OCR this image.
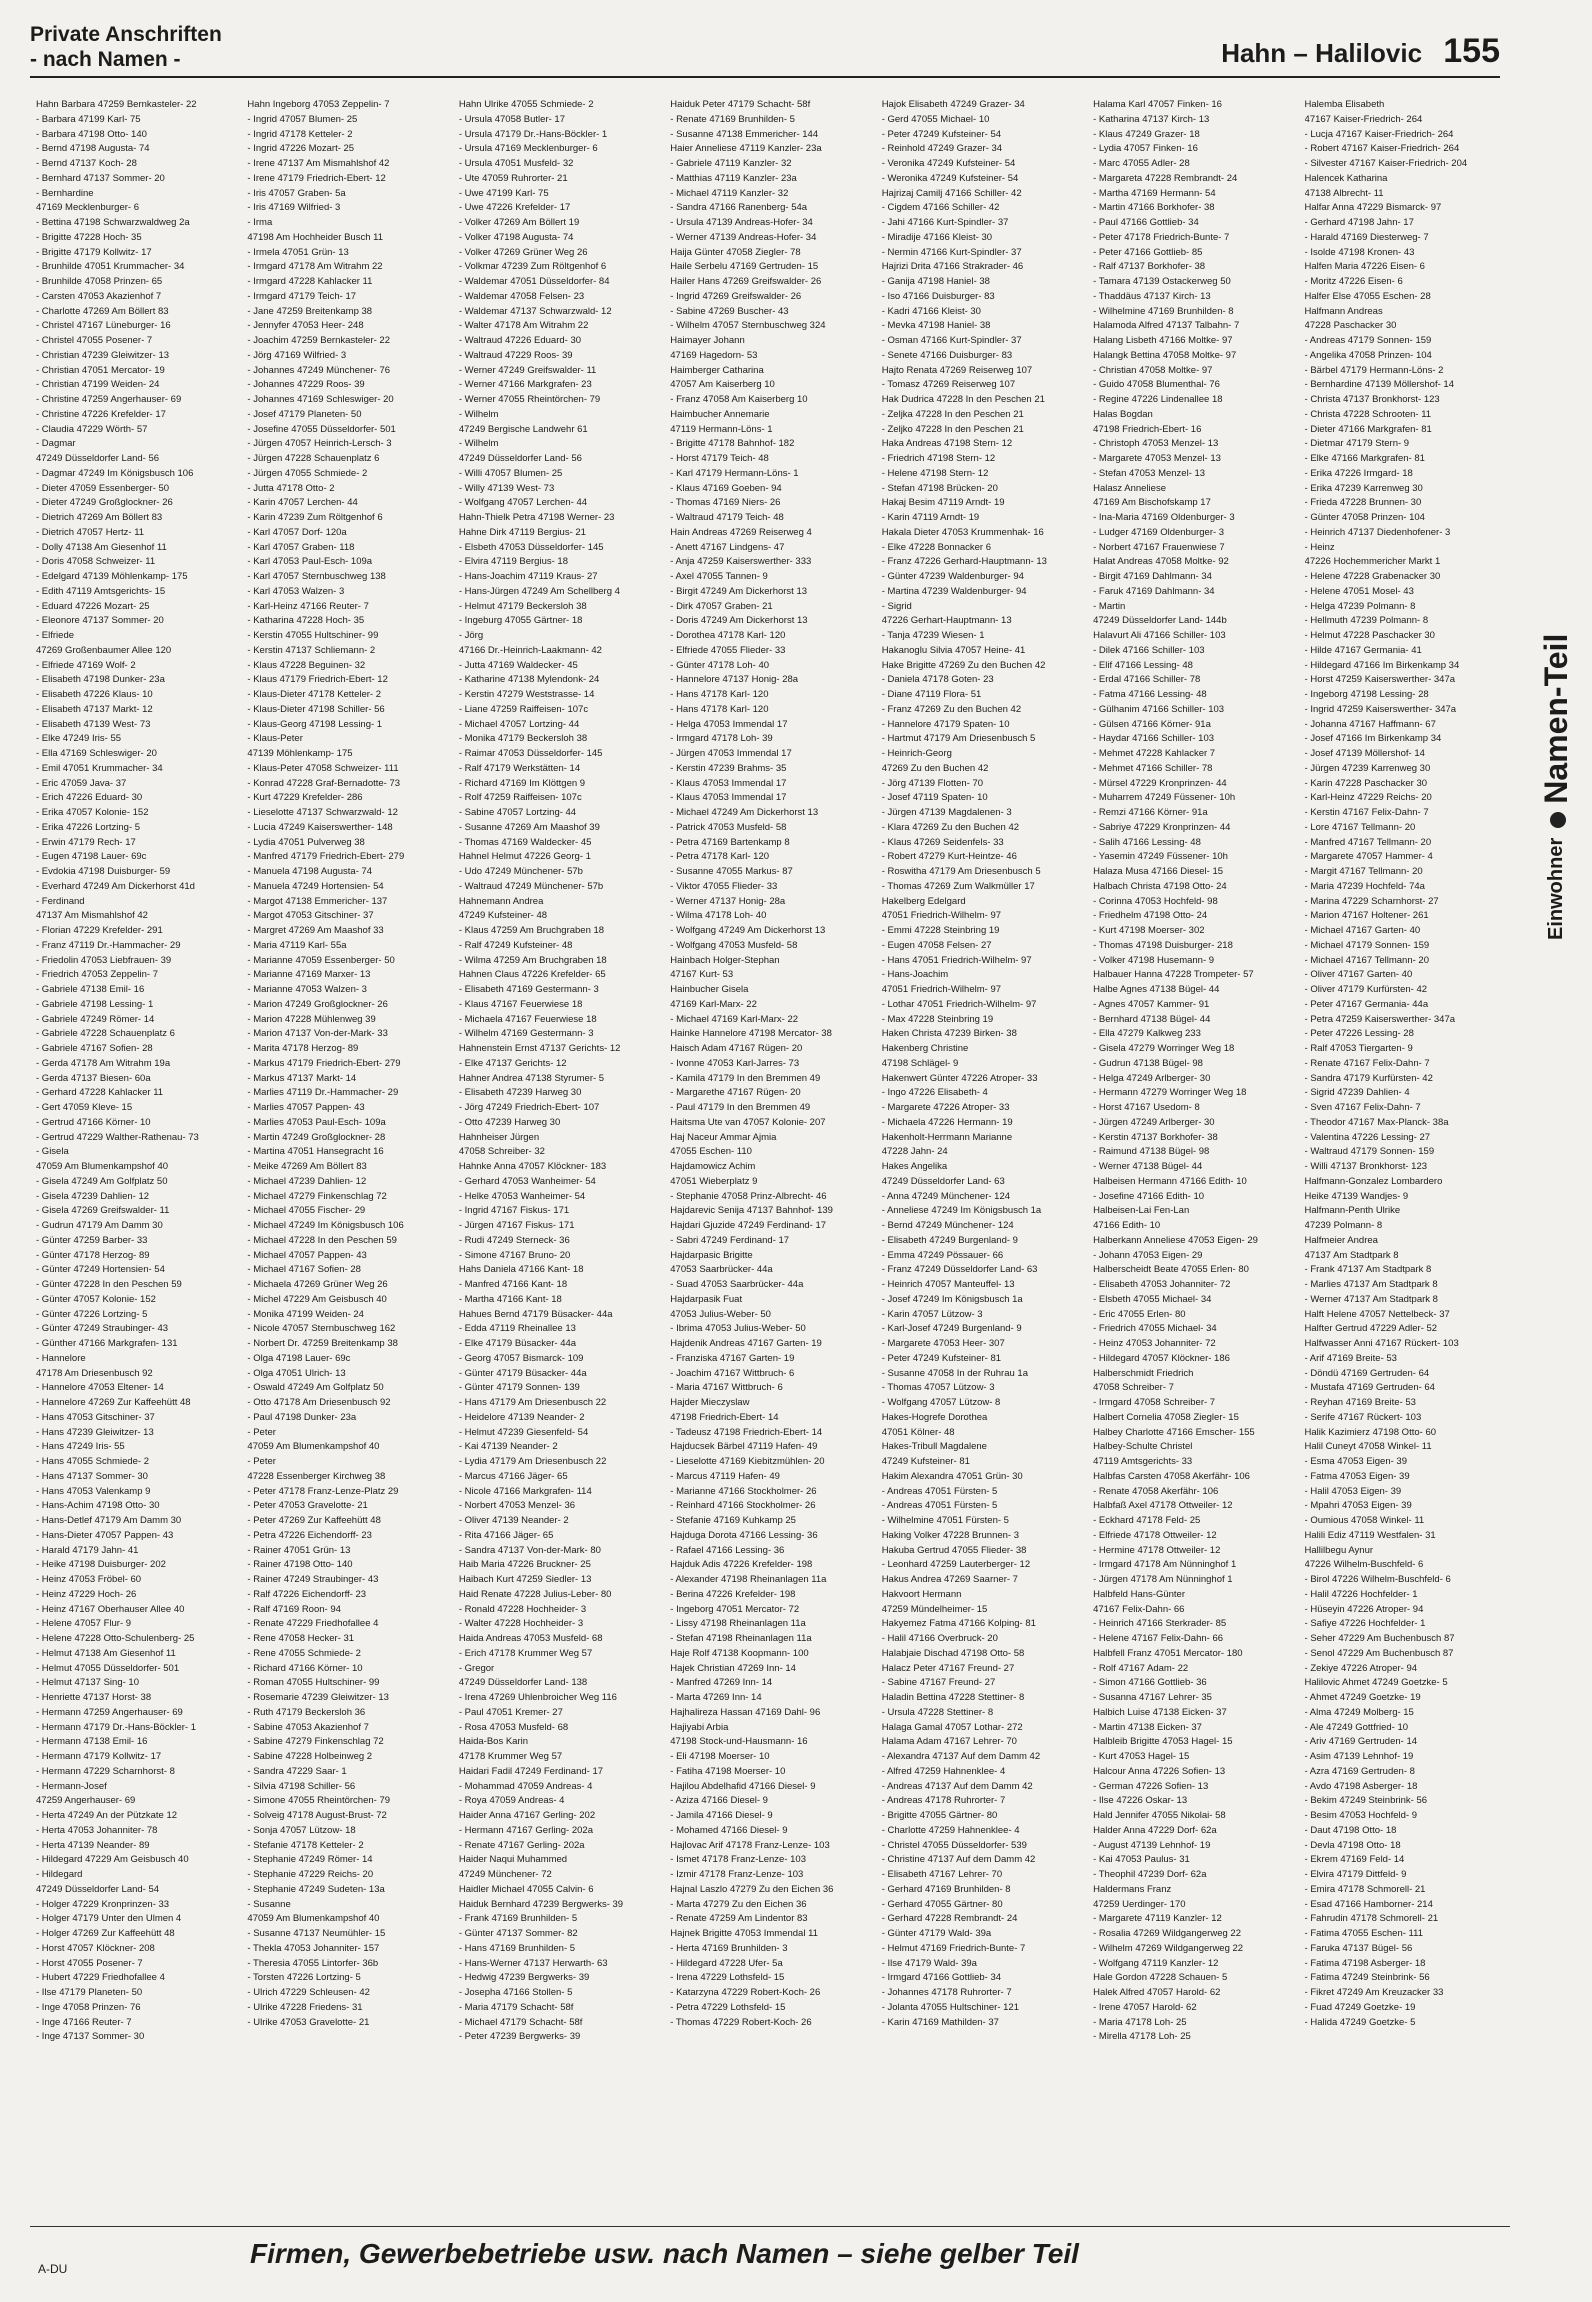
Private Anschriften
- nach Namen -	Hahn – Halilovic 155
Hahn Barbara 47259 Bernkasteler- 22
- Barbara 47199 Karl- 75
- Barbara 47198 Otto- 140
- Bernd 47198 Augusta- 74
- Bernd 47137 Koch- 28
- Bernhard 47137 Sommer- 20
- Bernhardine
47169 Mecklenburger- 6
- Bettina 47198 Schwarzwaldweg 2a
- Brigitte 47228 Hoch- 35
- Brigitte 47179 Kollwitz- 17
- Brunhilde 47051 Krummacher- 34
- Brunhilde 47058 Prinzen- 65
- Carsten 47053 Akazienhof 7
- Charlotte 47269 Am Böllert 83
- Christel 47167 Lüneburger- 16
- Christel 47055 Posener- 7
- Christian 47239 Gleiwitzer- 13
- Christian 47051 Mercator- 19
- Christian 47199 Weiden- 24
- Christine 47259 Angerhauser- 69
- Christine 47226 Krefelder- 17
- Claudia 47229 Wörth- 57
- Dagmar
47249 Düsseldorfer Land- 56
- Dagmar 47249 Im Königsbusch 106
- Dieter 47059 Essenberger- 50
- Dieter 47249 Großglockner- 26
- Dietrich 47269 Am Böllert 83
- Dietrich 47057 Hertz- 11
- Dolly 47138 Am Giesenhof 11
- Doris 47058 Schweizer- 11
- Edelgard 47139 Möhlenkamp- 175
- Edith 47119 Amtsgerichts- 15
- Eduard 47226 Mozart- 25
- Eleonore 47137 Sommer- 20
- Elfriede
47269 Großenbaumer Allee 120
- Elfriede 47169 Wolf- 2
- Elisabeth 47198 Dunker- 23a
- Elisabeth 47226 Klaus- 10
- Elisabeth 47137 Markt- 12
- Elisabeth 47139 West- 73
- Elke 47249 Iris- 55
- Ella 47169 Schleswiger- 20
- Emil 47051 Krummacher- 34
- Eric 47059 Java- 37
- Erich 47226 Eduard- 30
- Erika 47057 Kolonie- 152
- Erika 47226 Lortzing- 5
- Erwin 47179 Rech- 17
- Eugen 47198 Lauer- 69c
- Evdokia 47198 Duisburger- 59
- Everhard 47249 Am Dickerhorst 41d
- Ferdinand
47137 Am Mismahlshof 42
- Florian 47229 Krefelder- 291
- Franz 47119 Dr.-Hammacher- 29
- Friedolin 47053 Liebfrauen- 39
- Friedrich 47053 Zeppelin- 7
- Gabriele 47138 Emil- 16
- Gabriele 47198 Lessing- 1
- Gabriele 47249 Römer- 14
- Gabriele 47228 Schauenplatz 6
- Gabriele 47167 Sofien- 28
- Gerda 47178 Am Witrahm 19a
- Gerda 47137 Biesen- 60a
- Gerhard 47228 Kahlacker 11
- Gert 47059 Kleve- 15
- Gertrud 47166 Körner- 10
- Gertrud 47229 Walther-Rathenau- 73
- Gisela
47059 Am Blumenkampshof 40
- Gisela 47249 Am Golfplatz 50
- Gisela 47239 Dahlien- 12
- Gisela 47269 Greifswalder- 11
- Gudrun 47179 Am Damm 30
- Günter 47259 Barber- 33
- Günter 47178 Herzog- 89
- Günter 47249 Hortensien- 54
- Günter 47228 In den Peschen 59
- Günter 47057 Kolonie- 152
- Günter 47226 Lortzing- 5
- Günter 47249 Straubinger- 43
- Günther 47166 Markgrafen- 131
- Hannelore
47178 Am Driesenbusch 92
- Hannelore 47053 Eltener- 14
- Hannelore 47269 Zur Kaffeehütt 48
- Hans 47053 Gitschiner- 37
- Hans 47239 Gleiwitzer- 13
- Hans 47249 Iris- 55
- Hans 47055 Schmiede- 2
- Hans 47137 Sommer- 30
- Hans 47053 Valenkamp 9
- Hans-Achim 47198 Otto- 30
- Hans-Detlef 47179 Am Damm 30
- Hans-Dieter 47057 Pappen- 43
- Harald 47179 Jahn- 41
- Heike 47198 Duisburger- 202
- Heinz 47053 Fröbel- 60
- Heinz 47229 Hoch- 26
- Heinz 47167 Oberhauser Allee 40
- Helene 47057 Flur- 9
- Helene 47228 Otto-Schulenberg- 25
- Helmut 47138 Am Giesenhof 11
- Helmut 47055 Düsseldorfer- 501
- Helmut 47137 Sing- 10
- Henriette 47137 Horst- 38
- Hermann 47259 Angerhauser- 69
- Hermann 47179 Dr.-Hans-Böckler- 1
- Hermann 47138 Emil- 16
- Hermann 47179 Kollwitz- 17
- Hermann 47229 Scharnhorst- 8
- Hermann-Josef
47259 Angerhauser- 69
- Herta 47249 An der Pützkate 12
- Herta 47053 Johanniter- 78
- Herta 47139 Neander- 89
- Hildegard 47229 Am Geisbusch 40
- Hildegard
47249 Düsseldorfer Land- 54
- Holger 47229 Kronprinzen- 33
- Holger 47179 Unter den Ulmen 4
- Holger 47269 Zur Kaffeehütt 48
- Horst 47057 Klöckner- 208
- Horst 47055 Posener- 7
- Hubert 47229 Friedhofallee 4
- Ilse 47179 Planeten- 50
- Inge 47058 Prinzen- 76
- Inge 47166 Reuter- 7
- Inge 47137 Sommer- 30
Hahn Ingeborg 47053 Zeppelin- 7
- Ingrid 47057 Blumen- 25
- Ingrid 47178 Ketteler- 2
- Ingrid 47226 Mozart- 25
- Irene 47137 Am Mismahlshof 42
- Irene 47179 Friedrich-Ebert- 12
- Iris 47057 Graben- 5a
- Iris 47169 Wilfried- 3
- Irma
47198 Am Hochheider Busch 11
- Irmela 47051 Grün- 13
- Irmgard 47178 Am Witrahm 22
- Irmgard 47228 Kahlacker 11
- Irmgard 47179 Teich- 17
- Jane 47259 Breitenkamp 38
- Jennyfer 47053 Heer- 248
- Joachim 47259 Bernkasteler- 22
- Jörg 47169 Wilfried- 3
- Johannes 47249 Münchener- 76
- Johannes 47229 Roos- 39
- Johannes 47169 Schleswiger- 20
- Josef 47179 Planeten- 50
- Josefine 47055 Düsseldorfer- 501
- Jürgen 47057 Heinrich-Lersch- 3
- Jürgen 47228 Schauenplatz 6
- Jürgen 47055 Schmiede- 2
- Jutta 47178 Otto- 2
- Karin 47057 Lerchen- 44
- Karin 47239 Zum Röltgenhof 6
- Karl 47057 Dorf- 120a
- Karl 47057 Graben- 118
- Karl 47053 Paul-Esch- 109a
- Karl 47057 Sternbuschweg 138
- Karl 47053 Walzen- 3
- Karl-Heinz 47166 Reuter- 7
- Katharina 47228 Hoch- 35
- Kerstin 47055 Hultschiner- 99
- Kerstin 47137 Schliemann- 2
- Klaus 47228 Beguinen- 32
- Klaus 47179 Friedrich-Ebert- 12
- Klaus-Dieter 47178 Ketteler- 2
- Klaus-Dieter 47198 Schiller- 56
- Klaus-Georg 47198 Lessing- 1
- Klaus-Peter
47139 Möhlenkamp- 175
- Klaus-Peter 47058 Schweizer- 111
- Konrad 47228 Graf-Bernadotte- 73
- Kurt 47229 Krefelder- 286
- Lieselotte 47137 Schwarzwald- 12
- Lucia 47249 Kaiserswerther- 148
- Lydia 47051 Pulverweg 38
- Manfred 47179 Friedrich-Ebert- 279
- Manuela 47198 Augusta- 74
- Manuela 47249 Hortensien- 54
- Margot 47138 Emmericher- 137
- Margot 47053 Gitschiner- 37
- Margret 47269 Am Maashof 33
- Maria 47119 Karl- 55a
- Marianne 47059 Essenberger- 50
- Marianne 47169 Marxer- 13
- Marianne 47053 Walzen- 3
- Marion 47249 Großglockner- 26
- Marion 47228 Mühlenweg 39
- Marion 47137 Von-der-Mark- 33
- Marita 47178 Herzog- 89
- Markus 47179 Friedrich-Ebert- 279
- Markus 47137 Markt- 14
- Marlies 47119 Dr.-Hammacher- 29
- Marlies 47057 Pappen- 43
- Marlies 47053 Paul-Esch- 109a
- Martin 47249 Großglockner- 28
- Martina 47051 Hansegracht 16
- Meike 47269 Am Böllert 83
- Michael 47239 Dahlien- 12
- Michael 47279 Finkenschlag 72
- Michael 47055 Fischer- 29
- Michael 47249 Im Königsbusch 106
- Michael 47228 In den Peschen 59
- Michael 47057 Pappen- 43
- Michael 47167 Sofien- 28
- Michaela 47269 Grüner Weg 26
- Michel 47229 Am Geisbusch 40
- Monika 47199 Weiden- 24
- Nicole 47057 Sternbuschweg 162
- Norbert Dr. 47259 Breitenkamp 38
- Olga 47198 Lauer- 69c
- Olga 47051 Ulrich- 13
- Oswald 47249 Am Golfplatz 50
- Otto 47178 Am Driesenbusch 92
- Paul 47198 Dunker- 23a
- Peter
47059 Am Blumenkampshof 40
- Peter
47228 Essenberger Kirchweg 38
- Peter 47178 Franz-Lenze-Platz 29
- Peter 47053 Gravelotte- 21
- Peter 47269 Zur Kaffeehütt 48
- Petra 47226 Eichendorff- 23
- Rainer 47051 Grün- 13
- Rainer 47198 Otto- 140
- Rainer 47249 Straubinger- 43
- Ralf 47226 Eichendorff- 23
- Ralf 47169 Roon- 94
- Renate 47229 Friedhofallee 4
- Rene 47058 Hecker- 31
- Rene 47055 Schmiede- 2
- Richard 47166 Körner- 10
- Roman 47055 Hultschiner- 99
- Rosemarie 47239 Gleiwitzer- 13
- Ruth 47179 Beckersloh 36
- Sabine 47053 Akazienhof 7
- Sabine 47279 Finkenschlag 72
- Sabine 47228 Holbeinweg 2
- Sandra 47229 Saar- 1
- Silvia 47198 Schiller- 56
- Simone 47055 Rheintörchen- 79
- Solveig 47178 August-Brust- 72
- Sonja 47057 Lützow- 18
- Stefanie 47178 Ketteler- 2
- Stephanie 47249 Römer- 14
- Stephanie 47229 Reichs- 20
- Stephanie 47249 Sudeten- 13a
- Susanne
47059 Am Blumenkampshof 40
- Susanne 47137 Neumühler- 15
- Thekla 47053 Johanniter- 157
- Theresia 47055 Lintorfer- 36b
- Torsten 47226 Lortzing- 5
- Ulrich 47229 Schleusen- 42
- Ulrike 47228 Friedens- 31
- Ulrike 47053 Gravelotte- 21
Hahn Ulrike 47055 Schmiede- 2
- Ursula 47058 Butler- 17
- Ursula 47179 Dr.-Hans-Böckler- 1
- Ursula 47169 Mecklenburger- 6
- Ursula 47051 Musfeld- 32
- Ute 47059 Ruhrorter- 21
- Uwe 47199 Karl- 75
- Uwe 47226 Krefelder- 17
- Volker 47269 Am Böllert 19
- Volker 47198 Augusta- 74
- Volker 47269 Grüner Weg 26
- Volkmar 47239 Zum Röltgenhof 6
- Waldemar 47051 Düsseldorfer- 84
- Waldemar 47058 Felsen- 23
- Waldemar 47137 Schwarzwald- 12
- Walter 47178 Am Witrahm 22
- Waltraud 47226 Eduard- 30
- Waltraud 47229 Roos- 39
- Werner 47249 Greifswalder- 11
- Werner 47166 Markgrafen- 23
- Werner 47055 Rheintörchen- 79
- Wilhelm
47249 Bergische Landwehr 61
- Wilhelm
47249 Düsseldorfer Land- 56
- Willi 47057 Blumen- 25
- Willy 47139 West- 73
- Wolfgang 47057 Lerchen- 44
Hahn-Thielk Petra 47198 Werner- 23
Hahne Dirk 47119 Bergius- 21
- Elsbeth 47053 Düsseldorfer- 145
- Elvira 47119 Bergius- 18
- Hans-Joachim 47119 Kraus- 27
- Hans-Jürgen 47249 Am Schellberg 4
- Helmut 47179 Beckersloh 38
- Ingeburg 47055 Gärtner- 18
- Jörg
47166 Dr.-Heinrich-Laakmann- 42
- Jutta 47169 Waldecker- 45
- Katharine 47138 Mylendonk- 24
- Kerstin 47279 Weststrasse- 14
- Liane 47259 Raiffeisen- 107c
- Michael 47057 Lortzing- 44
- Monika 47179 Beckersloh 38
- Raimar 47053 Düsseldorfer- 145
- Ralf 47179 Werkstätten- 14
- Richard 47169 Im Klöttgen 9
- Rolf 47259 Raiffeisen- 107c
- Sabine 47057 Lortzing- 44
- Susanne 47269 Am Maashof 39
- Thomas 47169 Waldecker- 45
Hahnel Helmut 47226 Georg- 1
- Udo 47249 Münchener- 57b
- Waltraud 47249 Münchener- 57b
Hahnemann Andrea
47249 Kufsteiner- 48
- Klaus 47259 Am Bruchgraben 18
- Ralf 47249 Kufsteiner- 48
- Wilma 47259 Am Bruchgraben 18
Hahnen Claus 47226 Krefelder- 65
- Elisabeth 47169 Gestermann- 3
- Klaus 47167 Feuerwiese 18
- Michaela 47167 Feuerwiese 18
- Wilhelm 47169 Gestermann- 3
Hahnenstein Ernst 47137 Gerichts- 12
- Elke 47137 Gerichts- 12
Hahner Andrea 47138 Styrumer- 5
- Elisabeth 47239 Harweg 30
- Jörg 47249 Friedrich-Ebert- 107
- Otto 47239 Harweg 30
Hahnheiser Jürgen
47058 Schreiber- 32
Hahnke Anna 47057 Klöckner- 183
- Gerhard 47053 Wanheimer- 54
- Helke 47053 Wanheimer- 54
- Ingrid 47167 Fiskus- 171
- Jürgen 47167 Fiskus- 171
- Rudi 47249 Sterneck- 36
- Simone 47167 Bruno- 20
Hahs Daniela 47166 Kant- 18
- Manfred 47166 Kant- 18
- Martha 47166 Kant- 18
Hahues Bernd 47179 Büsacker- 44a
- Edda 47119 Rheinallee 13
- Elke 47179 Büsacker- 44a
- Georg 47057 Bismarck- 109
- Günter 47179 Büsacker- 44a
- Günter 47179 Sonnen- 139
- Hans 47179 Am Driesenbusch 22
- Heidelore 47139 Neander- 2
- Helmut 47239 Giesenfeld- 54
- Kai 47139 Neander- 2
- Lydia 47179 Am Driesenbusch 22
- Marcus 47166 Jäger- 65
- Nicole 47166 Markgrafen- 114
- Norbert 47053 Menzel- 36
- Oliver 47139 Neander- 2
- Rita 47166 Jäger- 65
- Sandra 47137 Von-der-Mark- 80
Haib Maria 47226 Bruckner- 25
Haibach Kurt 47259 Siedler- 13
Haid Renate 47228 Julius-Leber- 80
- Ronald 47228 Hochheider- 3
- Walter 47228 Hochheider- 3
Haida Andreas 47053 Musfeld- 68
- Erich 47178 Krummer Weg 57
- Gregor
47249 Düsseldorfer Land- 138
- Irena 47269 Uhlenbroicher Weg 116
- Paul 47051 Kremer- 27
- Rosa 47053 Musfeld- 68
Haida-Bos Karin
47178 Krummer Weg 57
Haidari Fadil 47249 Ferdinand- 17
- Mohammad 47059 Andreas- 4
- Roya 47059 Andreas- 4
Haider Anna 47167 Gerling- 202
- Hermann 47167 Gerling- 202a
- Renate 47167 Gerling- 202a
Haider Naqui Muhammed
47249 Münchener- 72
Haidler Michael 47055 Calvin- 6
Haiduk Bernhard 47239 Bergwerks- 39
- Frank 47169 Brunhilden- 5
- Günter 47137 Sommer- 82
- Hans 47169 Brunhilden- 5
- Hans-Werner 47137 Herwarth- 63
- Hedwig 47239 Bergwerks- 39
- Josepha 47166 Stollen- 5
- Maria 47179 Schacht- 58f
- Michael 47179 Schacht- 58f
- Peter 47239 Bergwerks- 39
Haiduk Peter 47179 Schacht- 58f
- Renate 47169 Brunhilden- 5
- Susanne 47138 Emmericher- 144
Haier Anneliese 47119 Kanzler- 23a
- Gabriele 47119 Kanzler- 32
- Matthias 47119 Kanzler- 23a
- Michael 47119 Kanzler- 32
- Sandra 47166 Ranenberg- 54a
- Ursula 47139 Andreas-Hofer- 34
- Werner 47139 Andreas-Hofer- 34
Haija Günter 47058 Ziegler- 78
Haile Serbelu 47169 Gertruden- 15
Hailer Hans 47269 Greifswalder- 26
- Ingrid 47269 Greifswalder- 26
- Sabine 47269 Buscher- 43
- Wilhelm 47057 Sternbuschweg 324
Haimayer Johann
47169 Hagedorn- 53
Haimberger Catharina
47057 Am Kaiserberg 10
- Franz 47058 Am Kaiserberg 10
Haimbucher Annemarie
47119 Hermann-Löns- 1
- Brigitte 47178 Bahnhof- 182
- Horst 47179 Teich- 48
- Karl 47179 Hermann-Löns- 1
- Klaus 47169 Goeben- 94
- Thomas 47169 Niers- 26
- Waltraud 47179 Teich- 48
Hain Andreas 47269 Reiserweg 4
- Anett 47167 Lindgens- 47
- Anja 47259 Kaiserswerther- 333
- Axel 47055 Tannen- 9
- Birgit 47249 Am Dickerhorst 13
- Dirk 47057 Graben- 21
- Doris 47249 Am Dickerhorst 13
- Dorothea 47178 Karl- 120
- Elfriede 47055 Flieder- 33
- Günter 47178 Loh- 40
- Hannelore 47137 Honig- 28a
- Hans 47178 Karl- 120
- Hans 47178 Karl- 120
- Helga 47053 Immendal 17
- Irmgard 47178 Loh- 39
- Jürgen 47053 Immendal 17
- Kerstin 47239 Brahms- 35
- Klaus 47053 Immendal 17
- Klaus 47053 Immendal 17
- Michael 47249 Am Dickerhorst 13
- Patrick 47053 Musfeld- 58
- Petra 47169 Bartenkamp 8
- Petra 47178 Karl- 120
- Susanne 47055 Markus- 87
- Viktor 47055 Flieder- 33
- Werner 47137 Honig- 28a
- Wilma 47178 Loh- 40
- Wolfgang 47249 Am Dickerhorst 13
- Wolfgang 47053 Musfeld- 58
Hainbach Holger-Stephan
47167 Kurt- 53
Hainbucher Gisela
47169 Karl-Marx- 22
- Michael 47169 Karl-Marx- 22
Hainke Hannelore 47198 Mercator- 38
Haisch Adam 47167 Rügen- 20
- Ivonne 47053 Karl-Jarres- 73
- Kamila 47179 In den Bremmen 49
- Margarethe 47167 Rügen- 20
- Paul 47179 In den Bremmen 49
Haitsma Ute van 47057 Kolonie- 207
Haj Naceur Ammar Ajmia
47055 Eschen- 110
Hajdamowicz Achim
47051 Wieberplatz 9
- Stephanie 47058 Prinz-Albrecht- 46
Hajdarevic Senija 47137 Bahnhof- 139
Hajdari Gjuzide 47249 Ferdinand- 17
- Sabri 47249 Ferdinand- 17
Hajdarpasic Brigitte
47053 Saarbrücker- 44a
- Suad 47053 Saarbrücker- 44a
Hajdarpasik Fuat
47053 Julius-Weber- 50
- Ibrima 47053 Julius-Weber- 50
Hajdenik Andreas 47167 Garten- 19
- Franziska 47167 Garten- 19
- Joachim 47167 Wittbruch- 6
- Maria 47167 Wittbruch- 6
Hajder Mieczyslaw
47198 Friedrich-Ebert- 14
- Tadeusz 47198 Friedrich-Ebert- 14
Hajducsek Bärbel 47119 Hafen- 49
- Lieselotte 47169 Kiebitzmühlen- 20
- Marcus 47119 Hafen- 49
- Marianne 47166 Stockholmer- 26
- Reinhard 47166 Stockholmer- 26
- Stefanie 47169 Kuhkamp 25
Hajduga Dorota 47166 Lessing- 36
- Rafael 47166 Lessing- 36
Hajduk Adis 47226 Krefelder- 198
- Alexander 47198 Rheinanlagen 11a
- Berina 47226 Krefelder- 198
- Ingeborg 47051 Mercator- 72
- Lissy 47198 Rheinanlagen 11a
- Stefan 47198 Rheinanlagen 11a
Haje Rolf 47138 Koopmann- 100
Hajek Christian 47269 Inn- 14
- Manfred 47269 Inn- 14
- Marta 47269 Inn- 14
Hajhalireza Hassan 47169 Dahl- 96
Hajiyabi Arbia
47198 Stock-und-Hausmann- 16
- Eli 47198 Moerser- 10
- Fatiha 47198 Moerser- 10
Hajilou Abdelhafid 47166 Diesel- 9
- Aziza 47166 Diesel- 9
- Jamila 47166 Diesel- 9
- Mohamed 47166 Diesel- 9
Hajlovac Arif 47178 Franz-Lenze- 103
- Ismet 47178 Franz-Lenze- 103
- Izmir 47178 Franz-Lenze- 103
Hajnal Laszlo 47279 Zu den Eichen 36
- Marta 47279 Zu den Eichen 36
- Renate 47259 Am Lindentor 83
Hajnek Brigitte 47053 Immendal 11
- Herta 47169 Brunhilden- 3
- Hildegard 47228 Ufer- 5a
- Irena 47229 Lothsfeld- 15
- Katarzyna 47229 Robert-Koch- 26
- Petra 47229 Lothsfeld- 15
- Thomas 47229 Robert-Koch- 26
Hajok Elisabeth 47249 Grazer- 34
- Gerd 47055 Michael- 10
- Peter 47249 Kufsteiner- 54
- Reinhold 47249 Grazer- 34
- Veronika 47249 Kufsteiner- 54
- Weronika 47249 Kufsteiner- 54
Hajrizaj Camilj 47166 Schiller- 42
- Cigdem 47166 Schiller- 42
- Jahi 47166 Kurt-Spindler- 37
- Miradije 47166 Kleist- 30
- Nermin 47166 Kurt-Spindler- 37
Hajrizi Drita 47166 Strakrader- 46
- Ganija 47198 Haniel- 38
- Iso 47166 Duisburger- 83
- Kadri 47166 Kleist- 30
- Mevka 47198 Haniel- 38
- Osman 47166 Kurt-Spindler- 37
- Senete 47166 Duisburger- 83
Hajto Renata 47269 Reiserweg 107
- Tomasz 47269 Reiserweg 107
Hak Dudrica 47228 In den Peschen 21
- Zeljka 47228 In den Peschen 21
- Zeljko 47228 In den Peschen 21
Haka Andreas 47198 Stern- 12
- Friedrich 47198 Stern- 12
- Helene 47198 Stern- 12
- Stefan 47198 Brücken- 20
Hakaj Besim 47119 Arndt- 19
- Karin 47119 Arndt- 19
Hakala Dieter 47053 Krummenhak- 16
- Elke 47228 Bonnacker 6
- Franz 47226 Gerhard-Hauptmann- 13
- Günter 47239 Waldenburger- 94
- Martina 47239 Waldenburger- 94
- Sigrid
47226 Gerhart-Hauptmann- 13
- Tanja 47239 Wiesen- 1
Hakanoglu Silvia 47057 Heine- 41
Hake Brigitte 47269 Zu den Buchen 42
- Daniela 47178 Goten- 23
- Diane 47119 Flora- 51
- Franz 47269 Zu den Buchen 42
- Hannelore 47179 Spaten- 10
- Hartmut 47179 Am Driesenbusch 5
- Heinrich-Georg
47269 Zu den Buchen 42
- Jörg 47139 Flotten- 70
- Josef 47119 Spaten- 10
- Jürgen 47139 Magdalenen- 3
- Klara 47269 Zu den Buchen 42
- Klaus 47269 Seidenfels- 33
- Robert 47279 Kurt-Heintze- 46
- Roswitha 47179 Am Driesenbusch 5
- Thomas 47269 Zum Walkmüller 17
Hakelberg Edelgard
47051 Friedrich-Wilhelm- 97
- Emmi 47228 Steinbring 19
- Eugen 47058 Felsen- 27
- Hans 47051 Friedrich-Wilhelm- 97
- Hans-Joachim
47051 Friedrich-Wilhelm- 97
- Lothar 47051 Friedrich-Wilhelm- 97
- Max 47228 Steinbring 19
Haken Christa 47239 Birken- 38
Hakenberg Christine
47198 Schlägel- 9
Hakenwert Günter 47226 Atroper- 33
- Ingo 47226 Elisabeth- 4
- Margarete 47226 Atroper- 33
- Michaela 47226 Hermann- 19
Hakenholt-Herrmann Marianne
47228 Jahn- 24
Hakes Angelika
47249 Düsseldorfer Land- 63
- Anna 47249 Münchener- 124
- Anneliese 47249 Im Königsbusch 1a
- Bernd 47249 Münchener- 124
- Elisabeth 47249 Burgenland- 9
- Emma 47249 Pössauer- 66
- Franz 47249 Düsseldorfer Land- 63
- Heinrich 47057 Manteuffel- 13
- Josef 47249 Im Königsbusch 1a
- Karin 47057 Lützow- 3
- Karl-Josef 47249 Burgenland- 9
- Margarete 47053 Heer- 307
- Peter 47249 Kufsteiner- 81
- Susanne 47058 In der Ruhrau 1a
- Thomas 47057 Lützow- 3
- Wolfgang 47057 Lützow- 8
Hakes-Hogrefe Dorothea
47051 Kölner- 48
Hakes-Tribull Magdalene
47249 Kufsteiner- 81
Hakim Alexandra 47051 Grün- 30
- Andreas 47051 Fürsten- 5
- Andreas 47051 Fürsten- 5
- Wilhelmine 47051 Fürsten- 5
Haking Volker 47228 Brunnen- 3
Hakuba Gertrud 47055 Flieder- 38
- Leonhard 47259 Lauterberger- 12
Hakus Andrea 47269 Saarner- 7
Hakvoort Hermann
47259 Mündelheimer- 15
Hakyemez Fatma 47166 Kolping- 81
- Halil 47166 Overbruck- 20
Halabjaie Dischad 47198 Otto- 58
Halacz Peter 47167 Freund- 27
- Sabine 47167 Freund- 27
Haladin Bettina 47228 Stettiner- 8
- Ursula 47228 Stettiner- 8
Halaga Gamal 47057 Lothar- 272
Halama Adam 47167 Lehrer- 70
- Alexandra 47137 Auf dem Damm 42
- Alfred 47259 Hahnenklee- 4
- Andreas 47137 Auf dem Damm 42
- Andreas 47178 Ruhrorter- 7
- Brigitte 47055 Gärtner- 80
- Charlotte 47259 Hahnenklee- 4
- Christel 47055 Düsseldorfer- 539
- Christine 47137 Auf dem Damm 42
- Elisabeth 47167 Lehrer- 70
- Gerhard 47169 Brunhilden- 8
- Gerhard 47055 Gärtner- 80
- Gerhard 47228 Rembrandt- 24
- Günter 47179 Wald- 39a
- Helmut 47169 Friedrich-Bunte- 7
- Ilse 47179 Wald- 39a
- Irmgard 47166 Gottlieb- 34
- Johannes 47178 Ruhrorter- 7
- Jolanta 47055 Hultschiner- 121
- Karin 47169 Mathilden- 37
Halama Karl 47057 Finken- 16
- Katharina 47137 Kirch- 13
- Klaus 47249 Grazer- 18
- Lydia 47057 Finken- 16
- Marc 47055 Adler- 28
- Margareta 47228 Rembrandt- 24
- Martha 47169 Hermann- 54
- Martin 47166 Borkhofer- 38
- Paul 47166 Gottlieb- 34
- Peter 47178 Friedrich-Bunte- 7
- Peter 47166 Gottlieb- 85
- Ralf 47137 Borkhofer- 38
- Tamara 47139 Ostackerweg 50
- Thaddäus 47137 Kirch- 13
- Wilhelmine 47169 Brunhilden- 8
Halamoda Alfred 47137 Talbahn- 7
Halang Lisbeth 47166 Moltke- 97
Halangk Bettina 47058 Moltke- 97
- Christian 47058 Moltke- 97
- Guido 47058 Blumenthal- 76
- Regine 47226 Lindenallee 18
Halas Bogdan
47198 Friedrich-Ebert- 16
- Christoph 47053 Menzel- 13
- Margarete 47053 Menzel- 13
- Stefan 47053 Menzel- 13
Halasz Anneliese
47169 Am Bischofskamp 17
- Ina-Maria 47169 Oldenburger- 3
- Ludger 47169 Oldenburger- 3
- Norbert 47167 Frauenwiese 7
Halat Andreas 47058 Moltke- 92
- Birgit 47169 Dahlmann- 34
- Faruk 47169 Dahlmann- 34
- Martin
47249 Düsseldorfer Land- 144b
Halavurt Ali 47166 Schiller- 103
- Dilek 47166 Schiller- 103
- Elif 47166 Lessing- 48
- Erdal 47166 Schiller- 78
- Fatma 47166 Lessing- 48
- Gülhanim 47166 Schiller- 103
- Gülsen 47166 Körner- 91a
- Haydar 47166 Schiller- 103
- Mehmet 47228 Kahlacker 7
- Mehmet 47166 Schiller- 78
- Mürsel 47229 Kronprinzen- 44
- Muharrem 47249 Füssener- 10h
- Remzi 47166 Körner- 91a
- Sabriye 47229 Kronprinzen- 44
- Salih 47166 Lessing- 48
- Yasemin 47249 Füssener- 10h
Halaza Musa 47166 Diesel- 15
Halbach Christa 47198 Otto- 24
- Corinna 47053 Hochfeld- 98
- Friedhelm 47198 Otto- 24
- Kurt 47198 Moerser- 302
- Thomas 47198 Duisburger- 218
- Volker 47198 Husemann- 9
Halbauer Hanna 47228 Trompeter- 57
Halbe Agnes 47138 Bügel- 44
- Agnes 47057 Kammer- 91
- Bernhard 47138 Bügel- 44
- Ella 47279 Kalkweg 233
- Gisela 47279 Worringer Weg 18
- Gudrun 47138 Bügel- 98
- Helga 47249 Arlberger- 30
- Hermann 47279 Worringer Weg 18
- Horst 47167 Usedom- 8
- Jürgen 47249 Arlberger- 30
- Kerstin 47137 Borkhofer- 38
- Raimund 47138 Bügel- 98
- Werner 47138 Bügel- 44
Halbeisen Hermann 47166 Edith- 10
- Josefine 47166 Edith- 10
Halbeisen-Lai Fen-Lan
47166 Edith- 10
Halberkann Anneliese 47053 Eigen- 29
- Johann 47053 Eigen- 29
Halberscheidt Beate 47055 Erlen- 80
- Elisabeth 47053 Johanniter- 72
- Elsbeth 47055 Michael- 34
- Eric 47055 Erlen- 80
- Friedrich 47055 Michael- 34
- Heinz 47053 Johanniter- 72
- Hildegard 47057 Klöckner- 186
Halberschmidt Friedrich
47058 Schreiber- 7
- Irmgard 47058 Schreiber- 7
Halbert Cornelia 47058 Ziegler- 15
Halbey Charlotte 47166 Emscher- 155
Halbey-Schulte Christel
47119 Amtsgerichts- 33
Halbfas Carsten 47058 Akerfähr- 106
- Renate 47058 Akerfähr- 106
Halbfaß Axel 47178 Ottweiler- 12
- Eckhard 47178 Feld- 25
- Elfriede 47178 Ottweiler- 12
- Hermine 47178 Ottweiler- 12
- Irmgard 47178 Am Nünninghof 1
- Jürgen 47178 Am Nünninghof 1
Halbfeld Hans-Günter
47167 Felix-Dahn- 66
- Heinrich 47166 Sterkrader- 85
- Helene 47167 Felix-Dahn- 66
Halbfell Franz 47051 Mercator- 180
- Rolf 47167 Adam- 22
- Simon 47166 Gottlieb- 36
- Susanna 47167 Lehrer- 35
Halbich Luise 47138 Eicken- 37
- Martin 47138 Eicken- 37
Halbleib Brigitte 47053 Hagel- 15
- Kurt 47053 Hagel- 15
Halcour Anna 47226 Sofien- 13
- German 47226 Sofien- 13
- Ilse 47226 Oskar- 13
Hald Jennifer 47055 Nikolai- 58
Halder Anna 47229 Dorf- 62a
- August 47139 Lehnhof- 19
- Kai 47053 Paulus- 31
- Theophil 47239 Dorf- 62a
Haldermans Franz
47259 Uerdinger- 170
- Margarete 47119 Kanzler- 12
- Rosalia 47269 Wildgangerweg 22
- Wilhelm 47269 Wildgangerweg 22
- Wolfgang 47119 Kanzler- 12
Hale Gordon 47228 Schauen- 5
Halek Alfred 47057 Harold- 62
- Irene 47057 Harold- 62
- Maria 47178 Loh- 25
- Mirella 47178 Loh- 25
Halemba Elisabeth
47167 Kaiser-Friedrich- 264
- Lucja 47167 Kaiser-Friedrich- 264
- Robert 47167 Kaiser-Friedrich- 264
- Silvester 47167 Kaiser-Friedrich- 204
Halencek Katharina
47138 Albrecht- 11
Halfar Anna 47229 Bismarck- 97
- Gerhard 47198 Jahn- 17
- Harald 47169 Diesterweg- 7
- Isolde 47198 Kronen- 43
Halfen Maria 47226 Eisen- 6
- Moritz 47226 Eisen- 6
Halfer Else 47055 Eschen- 28
Halfmann Andreas
47228 Paschacker 30
- Andreas 47179 Sonnen- 159
- Angelika 47058 Prinzen- 104
- Bärbel 47179 Hermann-Löns- 2
- Bernhardine 47139 Möllershof- 14
- Christa 47137 Bronkhorst- 123
- Christa 47228 Schrooten- 11
- Dieter 47166 Markgrafen- 81
- Dietmar 47179 Stern- 9
- Elke 47166 Markgrafen- 81
- Erika 47226 Irmgard- 18
- Erika 47239 Karrenweg 30
- Frieda 47228 Brunnen- 30
- Günter 47058 Prinzen- 104
- Heinrich 47137 Diedenhofener- 3
- Heinz
47226 Hochemmericher Markt 1
- Helene 47228 Grabenacker 30
- Helene 47051 Mosel- 43
- Helga 47239 Polmann- 8
- Hellmuth 47239 Polmann- 8
- Helmut 47228 Paschacker 30
- Hilde 47167 Germania- 41
- Hildegard 47166 Im Birkenkamp 34
- Horst 47259 Kaiserswerther- 347a
- Ingeborg 47198 Lessing- 28
- Ingrid 47259 Kaiserswerther- 347a
- Johanna 47167 Haffmann- 67
- Josef 47166 Im Birkenkamp 34
- Josef 47139 Möllershof- 14
- Jürgen 47239 Karrenweg 30
- Karin 47228 Paschacker 30
- Karl-Heinz 47229 Reichs- 20
- Kerstin 47167 Felix-Dahn- 7
- Lore 47167 Tellmann- 20
- Manfred 47167 Tellmann- 20
- Margarete 47057 Hammer- 4
- Margit 47167 Tellmann- 20
- Maria 47239 Hochfeld- 74a
- Marina 47229 Scharnhorst- 27
- Marion 47167 Holtener- 261
- Michael 47167 Garten- 40
- Michael 47179 Sonnen- 159
- Michael 47167 Tellmann- 20
- Oliver 47167 Garten- 40
- Oliver 47179 Kurfürsten- 42
- Peter 47167 Germania- 44a
- Petra 47259 Kaiserswerther- 347a
- Peter 47226 Lessing- 28
- Ralf 47053 Tiergarten- 9
- Renate 47167 Felix-Dahn- 7
- Sandra 47179 Kurfürsten- 42
- Sigrid 47239 Dahlien- 4
- Sven 47167 Felix-Dahn- 7
- Theodor 47167 Max-Planck- 38a
- Valentina 47226 Lessing- 27
- Waltraud 47179 Sonnen- 159
- Willi 47137 Bronkhorst- 123
Halfmann-Gonzalez Lombardero
Heike 47139 Wandjes- 9
Halfmann-Penth Ulrike
47239 Polmann- 8
Halfmeier Andrea
47137 Am Stadtpark 8
- Frank 47137 Am Stadtpark 8
- Marlies 47137 Am Stadtpark 8
- Werner 47137 Am Stadtpark 8
Halft Helene 47057 Nettelbeck- 37
Halfter Gertrud 47229 Adler- 52
Halfwasser Anni 47167 Rückert- 103
- Arif 47169 Breite- 53
- Döndü 47169 Gertruden- 64
- Mustafa 47169 Gertruden- 64
- Reyhan 47169 Breite- 53
- Serife 47167 Rückert- 103
Halik Kazimierz 47198 Otto- 60
Halil Cuneyt 47058 Winkel- 11
- Esma 47053 Eigen- 39
- Fatma 47053 Eigen- 39
- Halil 47053 Eigen- 39
- Mpahri 47053 Eigen- 39
- Oumious 47058 Winkel- 11
Halili Ediz 47119 Westfalen- 31
Hallilbegu Aynur
47226 Wilhelm-Buschfeld- 6
- Birol 47226 Wilhelm-Buschfeld- 6
- Halil 47226 Hochfelder- 1
- Hüseyin 47226 Atroper- 94
- Safiye 47226 Hochfelder- 1
- Seher 47229 Am Buchenbusch 87
- Senol 47229 Am Buchenbusch 87
- Zekiye 47226 Atroper- 94
Halilovic Ahmet 47249 Goetzke- 5
- Ahmet 47249 Goetzke- 19
- Alma 47249 Molberg- 15
- Ale 47249 Gottfried- 10
- Ariv 47169 Gertruden- 14
- Asim 47139 Lehnhof- 19
- Azra 47169 Gertruden- 8
- Avdo 47198 Asberger- 18
- Bekim 47249 Steinbrink- 56
- Besim 47053 Hochfeld- 9
- Daut 47198 Otto- 18
- Devla 47198 Otto- 18
- Ekrem 47169 Feld- 14
- Elvira 47179 Dittfeld- 9
- Emira 47178 Schmorell- 21
- Esad 47166 Hamborner- 214
- Fahrudin 47178 Schmorell- 21
- Fatima 47055 Eschen- 111
- Faruka 47137 Bügel- 56
- Fatima 47198 Asberger- 18
- Fatima 47249 Steinbrink- 56
- Fikret 47249 Am Kreuzacker 33
- Fuad 47249 Goetzke- 19
- Halida 47249 Goetzke- 5
Einwohner
Namen-Teil
Firmen, Gewerbebetriebe usw. nach Namen – siehe gelber Teil
A-DU
